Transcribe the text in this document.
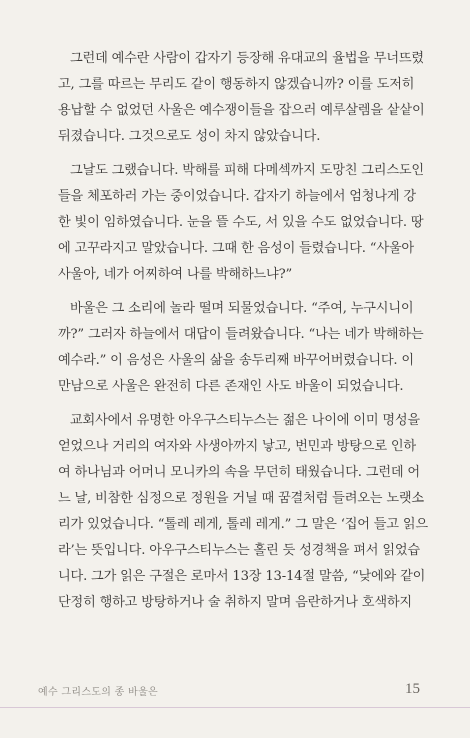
그런데 예수란 사람이 갑자기 등장해 유대교의 율법을 무너뜨렸
고, 그를 따르는 무리도 같이 행동하지 않겠습니까? 이를 도저히
용납할 수 없었던 사울은 예수쟁이들을 잡으러 예루살렘을 샅샅이
뒤졌습니다. 그것으로도 성이 차지 않았습니다.

그날도 그랬습니다. 박해를 피해 다메섹까지 도망친 그리스도인
들을 체포하러 가는 중이었습니다. 갑자기 하늘에서 엄청나게 강
한 빛이 임하였습니다. 눈을 뜰 수도, 서 있을 수도 없었습니다. 땅
에 고꾸라지고 말았습니다. 그때 한 음성이 들렸습니다. “사울아
사울아, 네가 어찌하여 나를 박해하느냐?”

바울은 그 소리에 놀라 떨며 되물었습니다. “주여, 누구시니이
까?” 그러자 하늘에서 대답이 들려왔습니다. “나는 네가 박해하는
예수라.” 이 음성은 사울의 삶을 송두리째 바꾸어버렸습니다. 이
만남으로 사울은 완전히 다른 존재인 사도 바울이 되었습니다.

교회사에서 유명한 아우구스티누스는 젊은 나이에 이미 명성을
얻었으나 거리의 여자와 사생아까지 낳고, 번민과 방탕으로 인하
여 하나님과 어머니 모니카의 속을 무던히 태웠습니다. 그런데 어
느 날, 비참한 심정으로 정원을 거닐 때 꿈결처럼 들려오는 노랫소
리가 있었습니다. “톨레 레게, 톨레 레게.” 그 말은 ‘집어 들고 읽으
라’는 뜻입니다. 아우구스티누스는 홀린 듯 성경책을 펴서 읽었습
니다. 그가 읽은 구절은 로마서 13장 13-14절 말씀, “낮에와 같이
단정히 행하고 방탕하거나 술 취하지 말며 음란하거나 호색하지

예수 그리스도의 종 바울은	15
